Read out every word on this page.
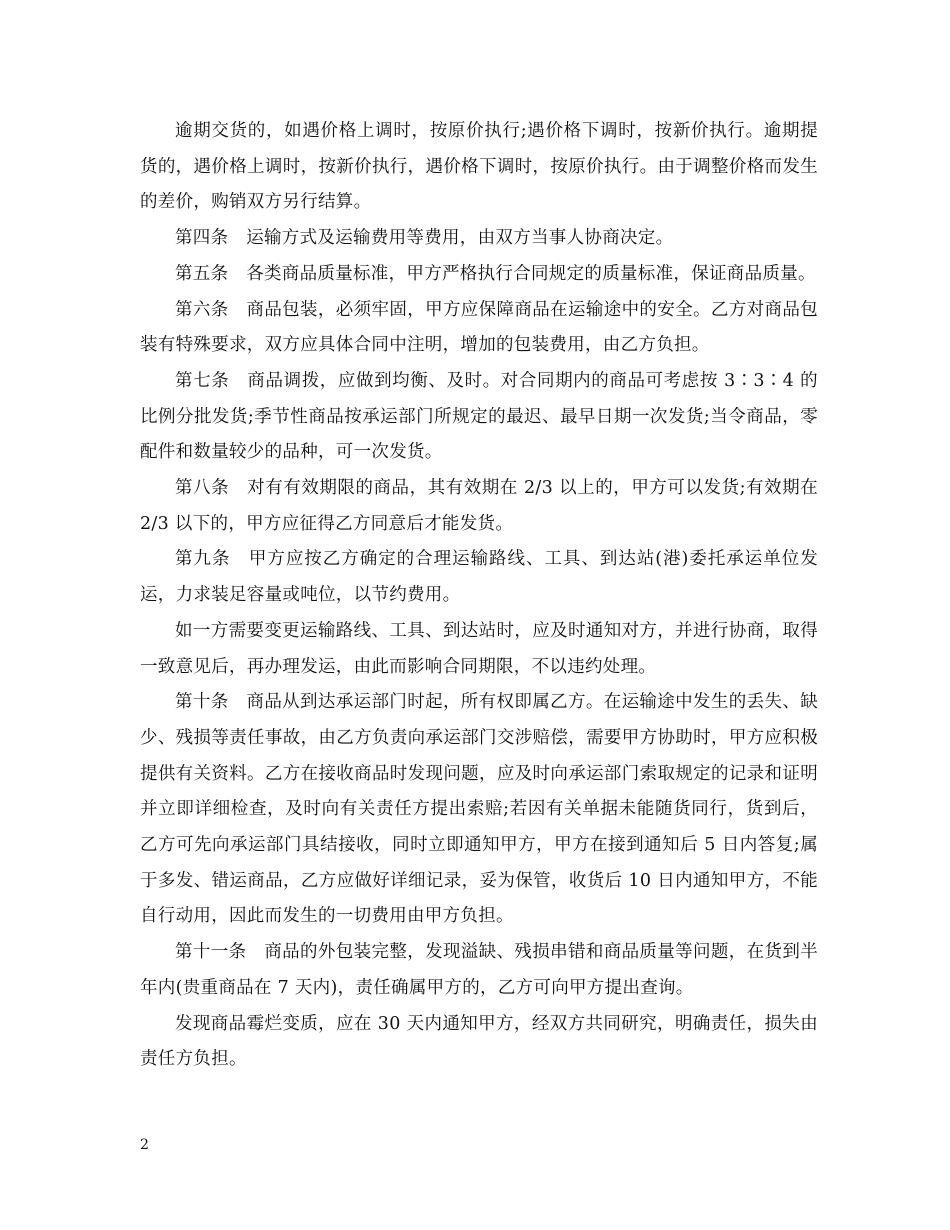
逾期交货的，如遇价格上调时，按原价执行;遇价格下调时，按新价执行。逾期提货的，遇价格上调时，按新价执行，遇价格下调时，按原价执行。由于调整价格而发生的差价，购销双方另行结算。

第四条　运输方式及运输费用等费用，由双方当事人协商决定。

第五条　各类商品质量标准，甲方严格执行合同规定的质量标准，保证商品质量。

第六条　商品包装，必须牢固，甲方应保障商品在运输途中的安全。乙方对商品包装有特殊要求，双方应具体合同中注明，增加的包装费用，由乙方负担。

第七条　商品调拨，应做到均衡、及时。对合同期内的商品可考虑按 3∶3∶4 的比例分批发货;季节性商品按承运部门所规定的最迟、最早日期一次发货;当令商品，零配件和数量较少的品种，可一次发货。

第八条　对有有效期限的商品，其有效期在 2/3 以上的，甲方可以发货;有效期在 2/3 以下的，甲方应征得乙方同意后才能发货。

第九条　甲方应按乙方确定的合理运输路线、工具、到达站(港)委托承运单位发运，力求装足容量或吨位，以节约费用。

如一方需要变更运输路线、工具、到达站时，应及时通知对方，并进行协商，取得一致意见后，再办理发运，由此而影响合同期限，不以违约处理。

第十条　商品从到达承运部门时起，所有权即属乙方。在运输途中发生的丢失、缺少、残损等责任事故，由乙方负责向承运部门交涉赔偿，需要甲方协助时，甲方应积极提供有关资料。乙方在接收商品时发现问题，应及时向承运部门索取规定的记录和证明并立即详细检查，及时向有关责任方提出索赔;若因有关单据未能随货同行，货到后，乙方可先向承运部门具结接收，同时立即通知甲方，甲方在接到通知后 5 日内答复;属于多发、错运商品，乙方应做好详细记录，妥为保管，收货后 10 日内通知甲方，不能自行动用，因此而发生的一切费用由甲方负担。

第十一条　商品的外包装完整，发现溢缺、残损串错和商品质量等问题，在货到半年内(贵重商品在 7 天内)，责任确属甲方的，乙方可向甲方提出查询。

发现商品霉烂变质，应在 30 天内通知甲方，经双方共同研究，明确责任，损失由责任方负担。

2
